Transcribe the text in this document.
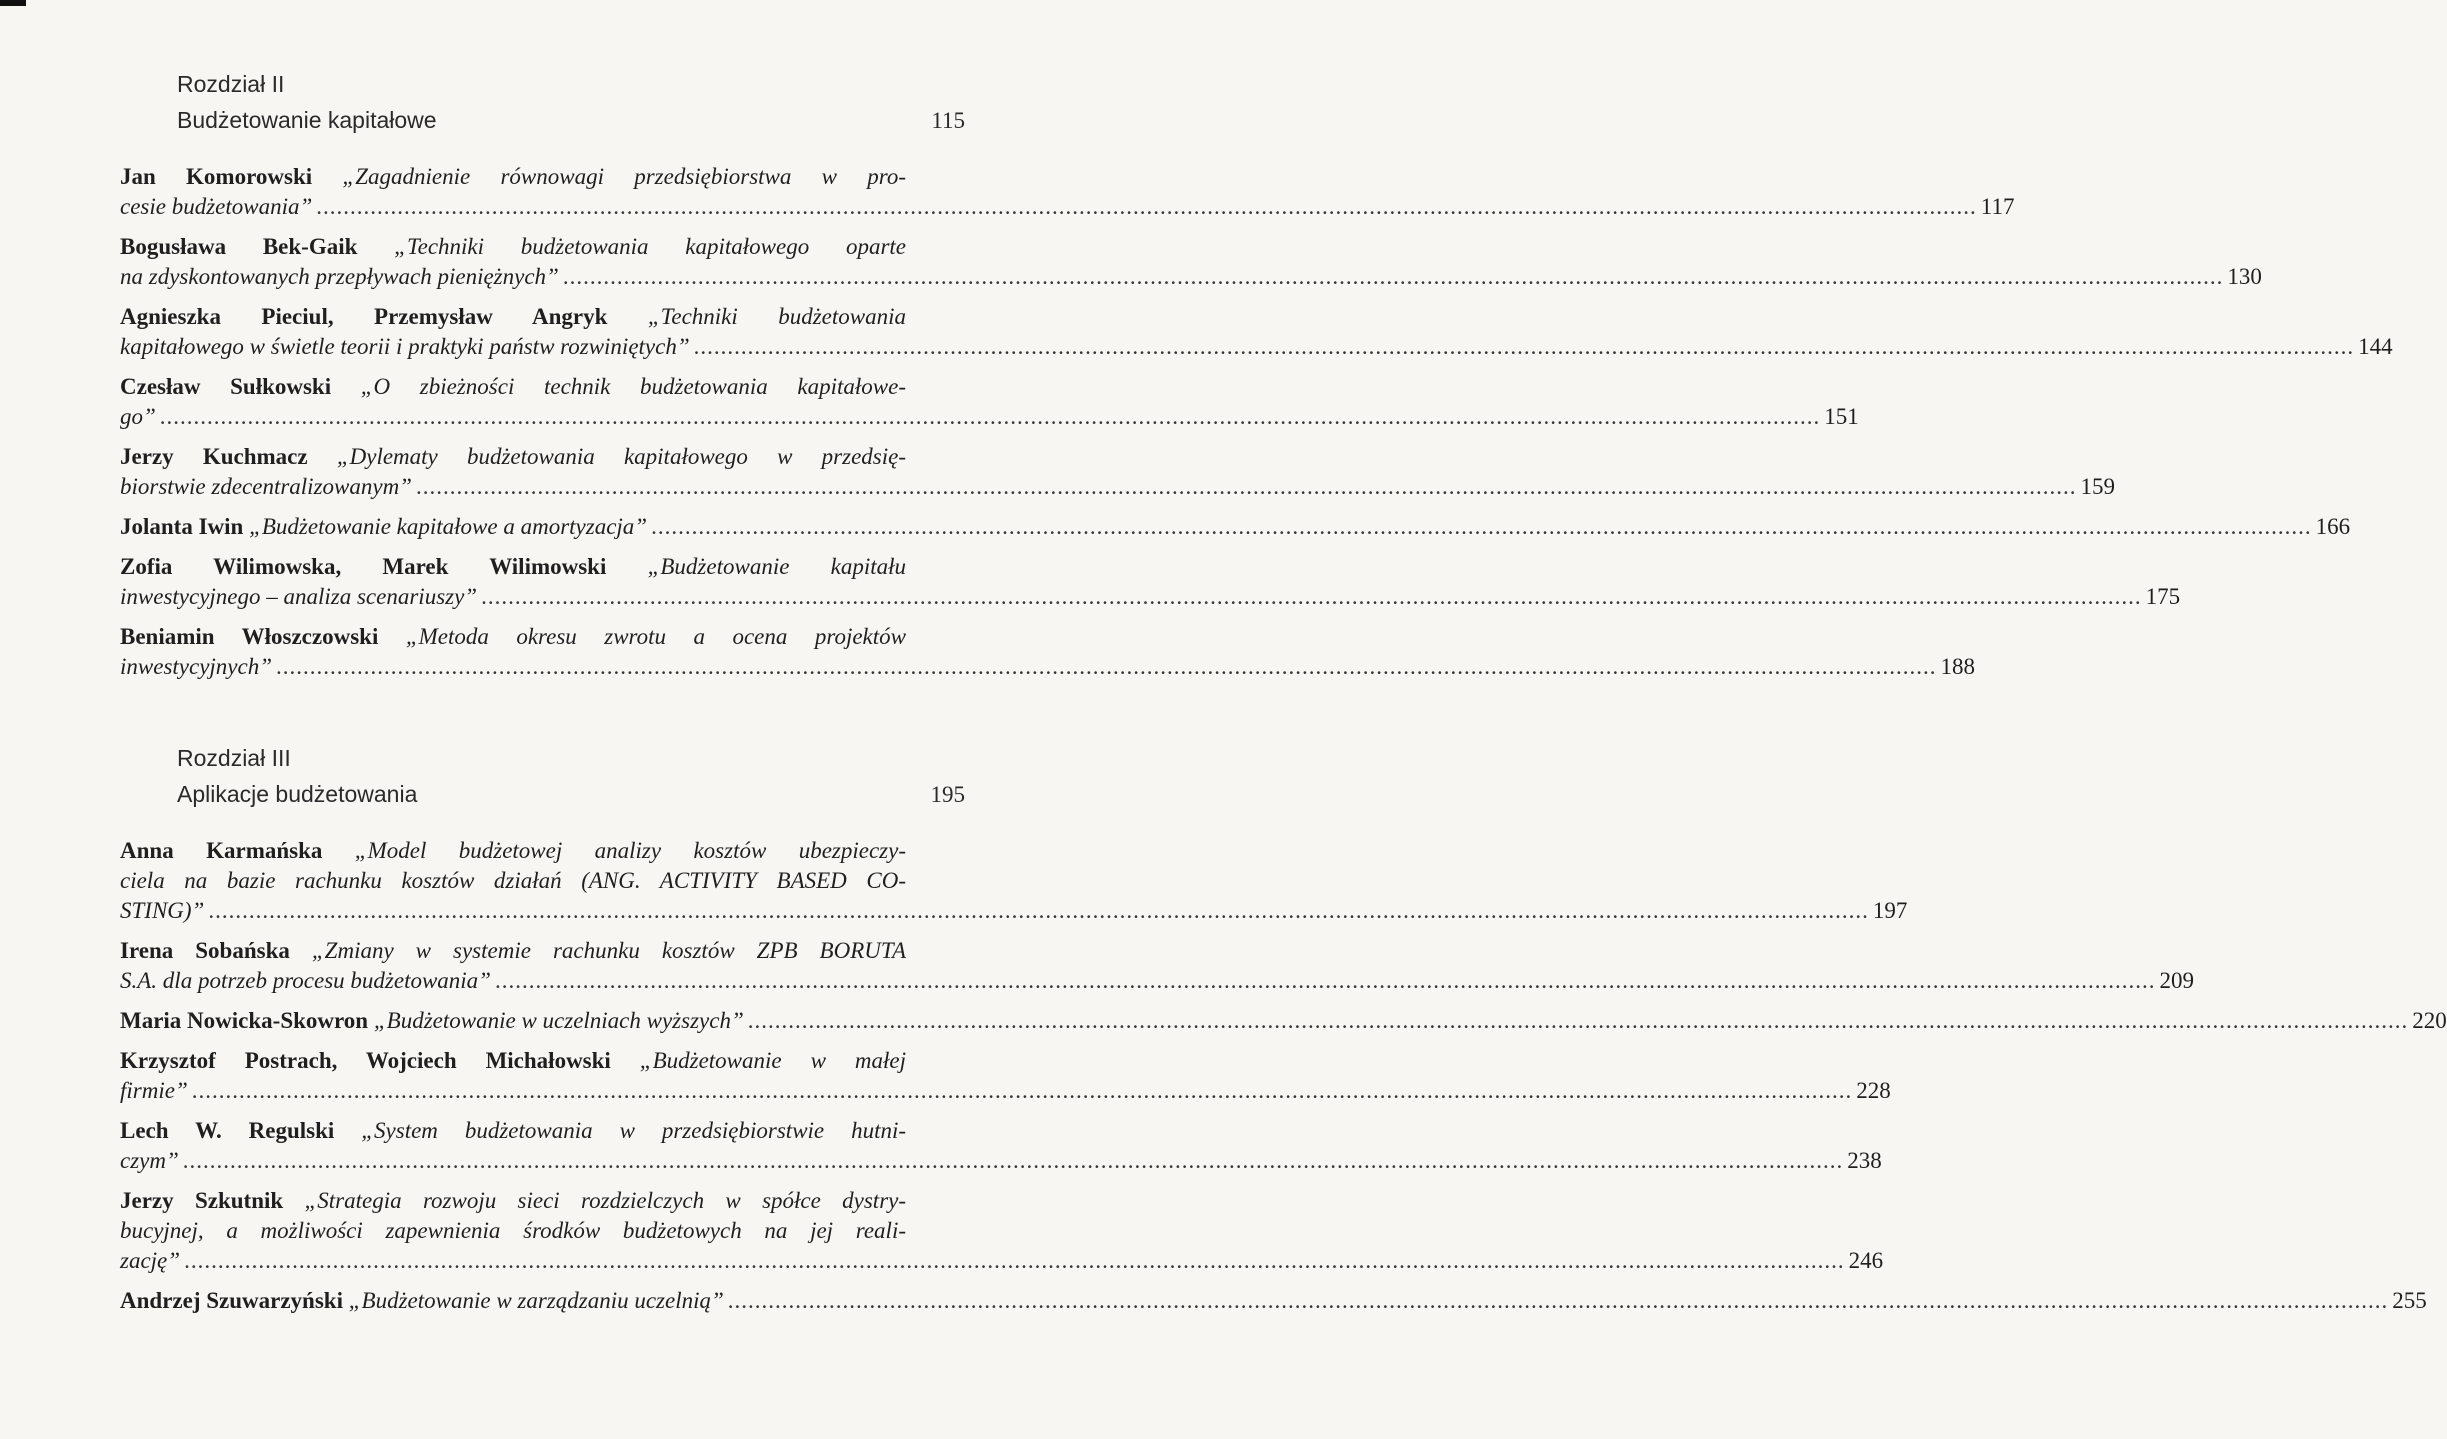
Rozdział II
Budżetowanie kapitałowe	115
Jan Komorowski „Zagadnienie równowagi przedsiębiorstwa w pro-
cesie budżetowania” .....	117
Bogusława Bek-Gaik „Techniki budżetowania kapitałowego oparte
na zdyskontowanych przepływach pieniężnych” .....	130
Agnieszka Pieciul, Przemysław Angryk „Techniki budżetowania
kapitałowego w świetle teorii i praktyki państw rozwiniętych” .....	144
Czesław Sułkowski „O zbieżności technik budżetowania kapitałowe-
go” .....	151
Jerzy Kuchmacz „Dylematy budżetowania kapitałowego w przedsię-
biorstwie zdecentralizowanym” .....	159
Jolanta Iwin „Budżetowanie kapitałowe a amortyzacja” .....	166
Zofia Wilimowska, Marek Wilimowski „Budżetowanie kapitału
inwestycyjnego – analiza scenariuszy” .....	175
Beniamin Włoszczowski „Metoda okresu zwrotu a ocena projektów
inwestycyjnych” .....	188
Rozdział III
Aplikacje budżetowania	195
Anna Karmańska „Model budżetowej analizy kosztów ubezpieczy-
ciela na bazie rachunku kosztów działań (ANG. ACTIVITY BASED CO-
STING)” .....	197
Irena Sobańska „Zmiany w systemie rachunku kosztów ZPB BORUTA
S.A. dla potrzeb procesu budżetowania” .....	209
Maria Nowicka-Skowron „Budżetowanie w uczelniach wyższych” .....	220
Krzysztof Postrach, Wojciech Michałowski „Budżetowanie w małej
firmie” .....	228
Lech W. Regulski „System budżetowania w przedsiębiorstwie hutni-
czym” .....	238
Jerzy Szkutnik „Strategia rozwoju sieci rozdzielczych w spółce dystry-
bucyjnej, a możliwości zapewnienia środków budżetowych na jej reali-
zację” .....	246
Andrzej Szuwarzyński „Budżetowanie w zarządzaniu uczelnią” .....	255
